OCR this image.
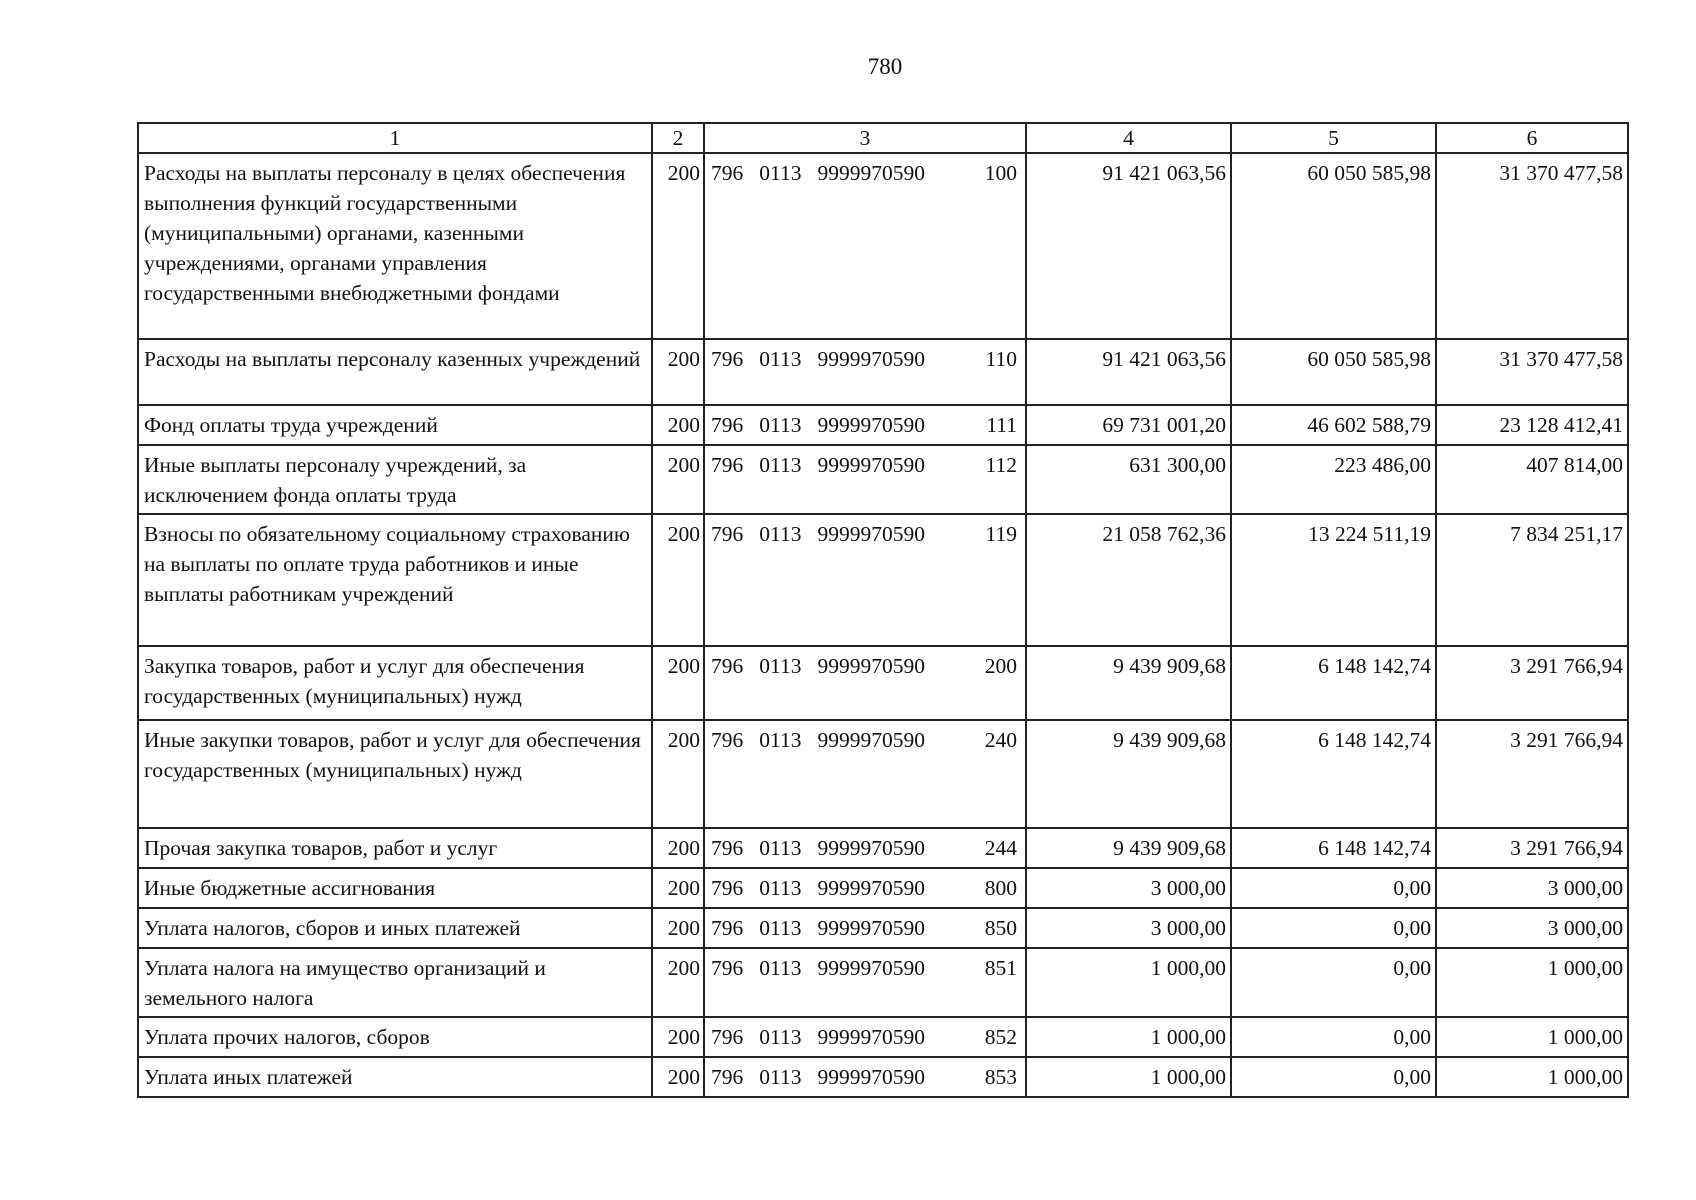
780
1	2	3	4	5	6
Расходы на выплаты персоналу в целях обеспечения выполнения функций государственными (муниципальными) органами, казенными учреждениями, органами управления государственными внебюджетными фондами	200	796 0113 9999970590 100	91 421 063,56	60 050 585,98	31 370 477,58
Расходы на выплаты персоналу казенных учреждений	200	796 0113 9999970590 110	91 421 063,56	60 050 585,98	31 370 477,58
Фонд оплаты труда учреждений	200	796 0113 9999970590 111	69 731 001,20	46 602 588,79	23 128 412,41
Иные выплаты персоналу учреждений, за исключением фонда оплаты труда	200	796 0113 9999970590 112	631 300,00	223 486,00	407 814,00
Взносы по обязательному социальному страхованию на выплаты по оплате труда работников и иные выплаты работникам учреждений	200	796 0113 9999970590 119	21 058 762,36	13 224 511,19	7 834 251,17
Закупка товаров, работ и услуг для обеспечения государственных (муниципальных) нужд	200	796 0113 9999970590 200	9 439 909,68	6 148 142,74	3 291 766,94
Иные закупки товаров, работ и услуг для обеспечения государственных (муниципальных) нужд	200	796 0113 9999970590 240	9 439 909,68	6 148 142,74	3 291 766,94
Прочая закупка товаров, работ и услуг	200	796 0113 9999970590 244	9 439 909,68	6 148 142,74	3 291 766,94
Иные бюджетные ассигнования	200	796 0113 9999970590 800	3 000,00	0,00	3 000,00
Уплата налогов, сборов и иных платежей	200	796 0113 9999970590 850	3 000,00	0,00	3 000,00
Уплата налога на имущество организаций и земельного налога	200	796 0113 9999970590 851	1 000,00	0,00	1 000,00
Уплата прочих налогов, сборов	200	796 0113 9999970590 852	1 000,00	0,00	1 000,00
Уплата иных платежей	200	796 0113 9999970590 853	1 000,00	0,00	1 000,00
